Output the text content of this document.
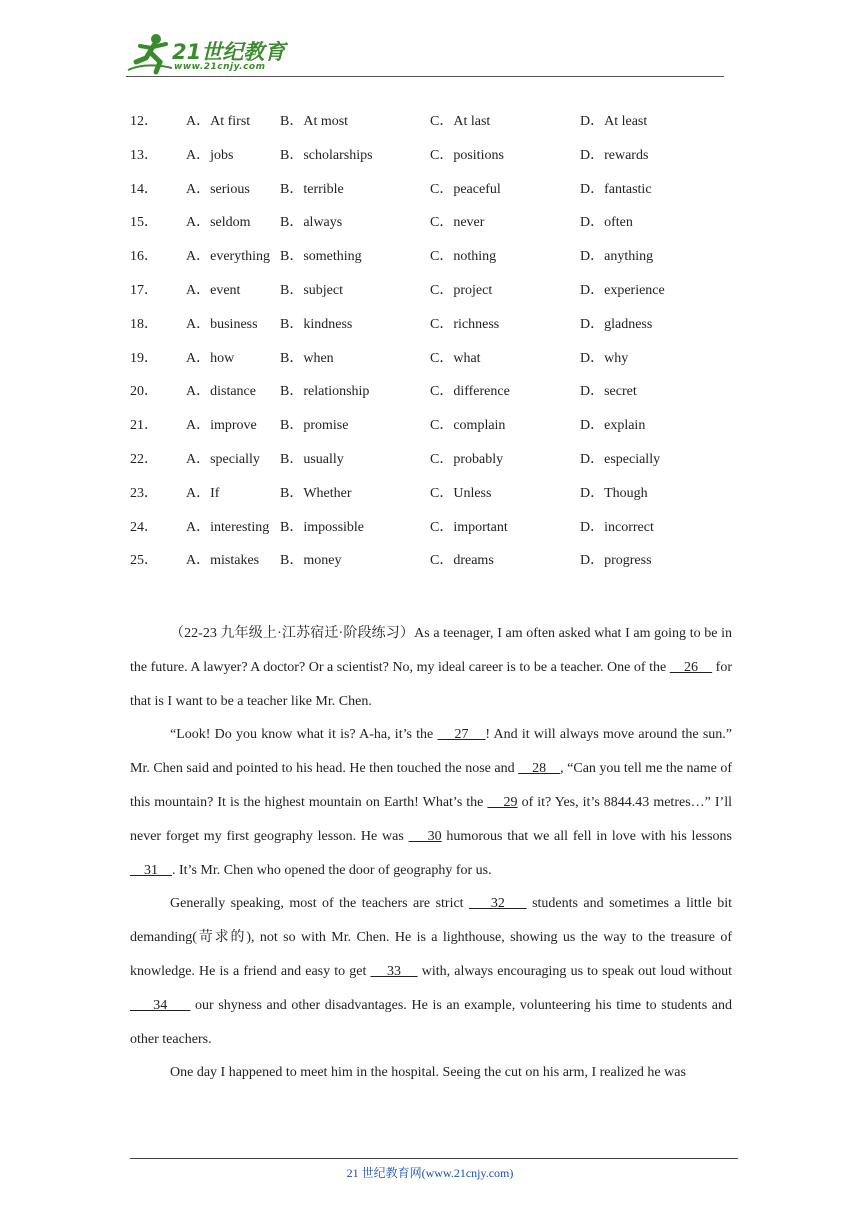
21世纪教育
www.21cnjy.com
12． A．At first B．At most	C．At last	D．At least
13． A．jobs	B．scholarships	C．positions	D．rewards
14． A．serious B．terrible	C．peaceful	D．fantastic
15． A．seldom B．always	C．never	D．often
16． A．everything B．something	C．nothing	D．anything
17． A．event	B．subject	C．project	D．experience
18． A．business B．kindness	C．richness	D．gladness
19． A．how	B．when	C．what	D．why
20． A．distance B．relationship	C．difference	D．secret
21． A．improve B．promise	C．complain	D．explain
22． A．specially B．usually	C．probably	D．especially
23． A．If	B．Whether	C．Unless	D．Though
24． A．interesting B．impossible	C．important	D．incorrect
25． A．mistakes B．money	C．dreams	D．progress

（22-23 九年级上·江苏宿迁·阶段练习）As a teenager, I am often asked what I am going to be in the future. A lawyer? A doctor? Or a scientist? No, my ideal career is to be a teacher. One of the     26     for that is I want to be a teacher like Mr. Chen.

“Look! Do you know what it is? A-ha, it’s the     27    ! And it will always move around the sun.” Mr. Chen said and pointed to his head. He then touched the nose and     28    , “Can you tell me the name of this mountain? It is the highest mountain on Earth! What’s the     29 of it? Yes, it’s 8844.43 metres…” I’ll never forget my first geography lesson. He was     30 humorous that we all fell in love with his lessons     31    . It’s Mr. Chen who opened the door of geography for us.

Generally speaking, most of the teachers are strict     32     students and sometimes a little bit demanding(苛求的), not so with Mr. Chen. He is a lighthouse, showing us the way to the treasure of knowledge. He is a friend and easy to get     33     with, always encouraging us to speak out loud without      34      our shyness and other disadvantages. He is an example, volunteering his time to students and other teachers.

One day I happened to meet him in the hospital. Seeing the cut on his arm, I realized he was

21 世纪教育网(www.21cnjy.com)
